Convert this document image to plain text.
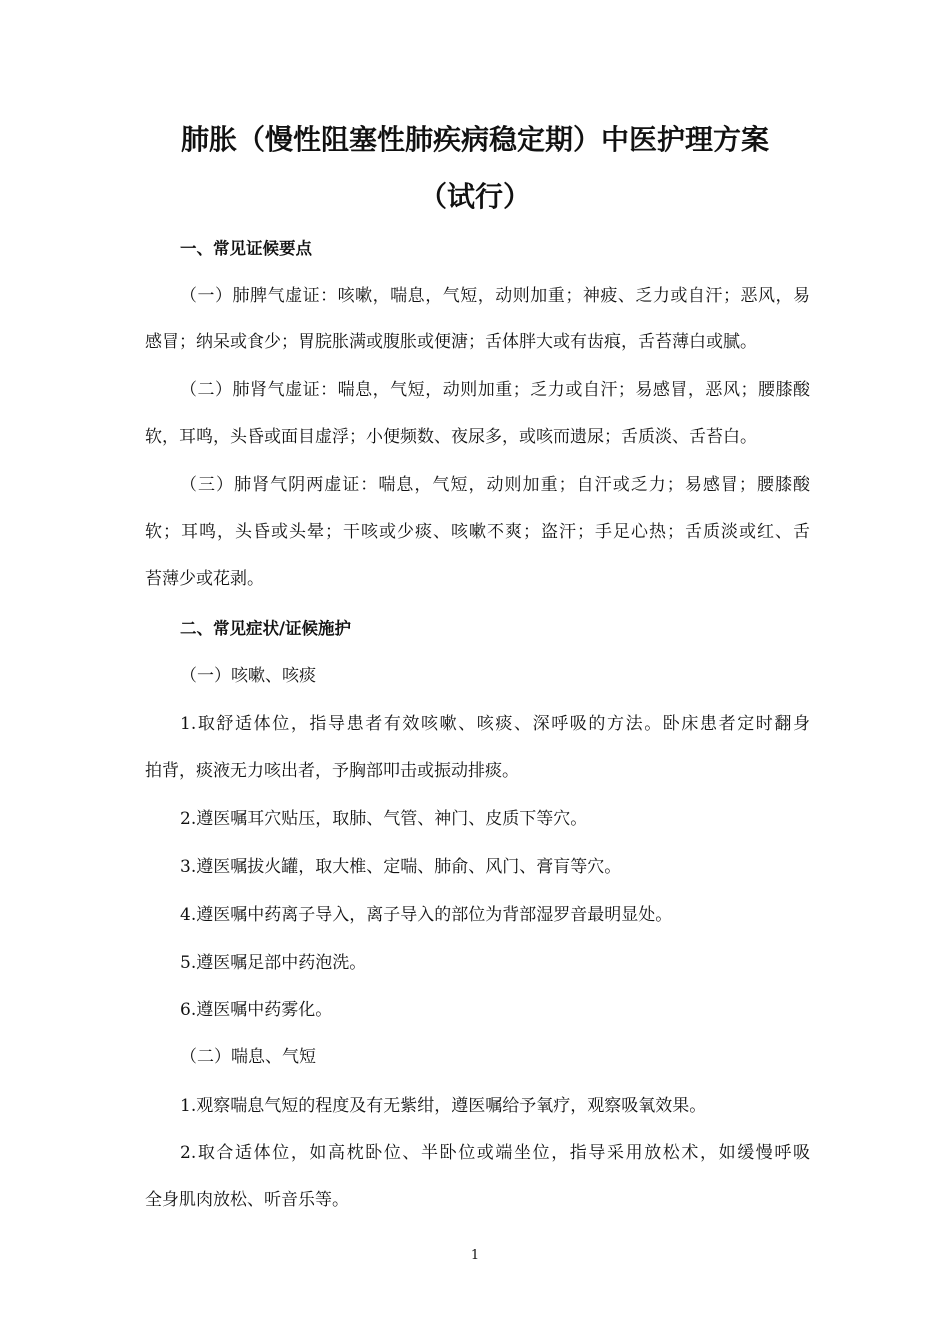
肺胀（慢性阻塞性肺疾病稳定期）中医护理方案
（试行）
一、常见证候要点
（一）肺脾气虚证：咳嗽，喘息，气短，动则加重；神疲、乏力或自汗；恶风，易
感冒；纳呆或食少；胃脘胀满或腹胀或便溏；舌体胖大或有齿痕，舌苔薄白或腻。
（二）肺肾气虚证：喘息，气短，动则加重；乏力或自汗；易感冒，恶风；腰膝酸
软，耳鸣，头昏或面目虚浮；小便频数、夜尿多，或咳而遗尿；舌质淡、舌苔白。
（三）肺肾气阴两虚证：喘息，气短，动则加重；自汗或乏力；易感冒；腰膝酸
软；耳鸣，头昏或头晕；干咳或少痰、咳嗽不爽；盗汗；手足心热；舌质淡或红、舌
苔薄少或花剥。
二、常见症状/证候施护
（一）咳嗽、咳痰
1.取舒适体位，指导患者有效咳嗽、咳痰、深呼吸的方法。卧床患者定时翻身
拍背，痰液无力咳出者，予胸部叩击或振动排痰。
2.遵医嘱耳穴贴压，取肺、气管、神门、皮质下等穴。
3.遵医嘱拔火罐，取大椎、定喘、肺俞、风门、膏肓等穴。
4.遵医嘱中药离子导入，离子导入的部位为背部湿罗音最明显处。
5.遵医嘱足部中药泡洗。
6.遵医嘱中药雾化。
（二）喘息、气短
1.观察喘息气短的程度及有无紫绀，遵医嘱给予氧疗，观察吸氧效果。
2.取合适体位，如高枕卧位、半卧位或端坐位，指导采用放松术，如缓慢呼吸
全身肌肉放松、听音乐等。
1
